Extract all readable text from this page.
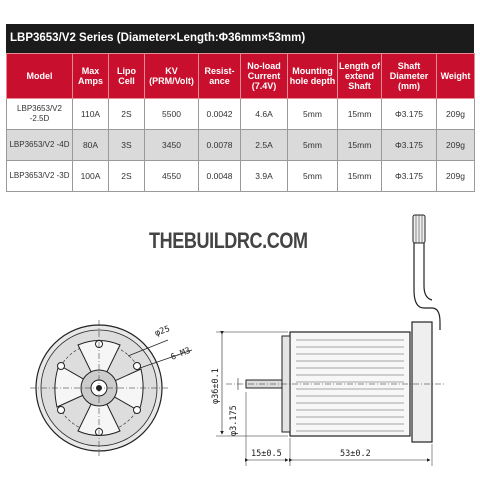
LBP3653/V2 Series (Diameter×Length:Φ36mm×53mm)
Model	Max Amps	Lipo Cell	KV (PRM/Volt)	Resist-ance	No-load Current (7.4V)	Mounting hole depth	Length of extend Shaft	Shaft Diameter (mm)	Weight
LBP3653/V2 -2.5D	110A	2S	5500	0.0042	4.6A	5mm	15mm	Φ3.175	209g
LBP3653/V2 -4D	80A	3S	3450	0.0078	2.5A	5mm	15mm	Φ3.175	209g
LBP3653/V2 -3D	100A	2S	4550	0.0048	3.9A	5mm	15mm	Φ3.175	209g
φ25
6-M3
φ36±0.1
φ3.175
15±0.5	53±0.2
THEBUILDRC.COM
